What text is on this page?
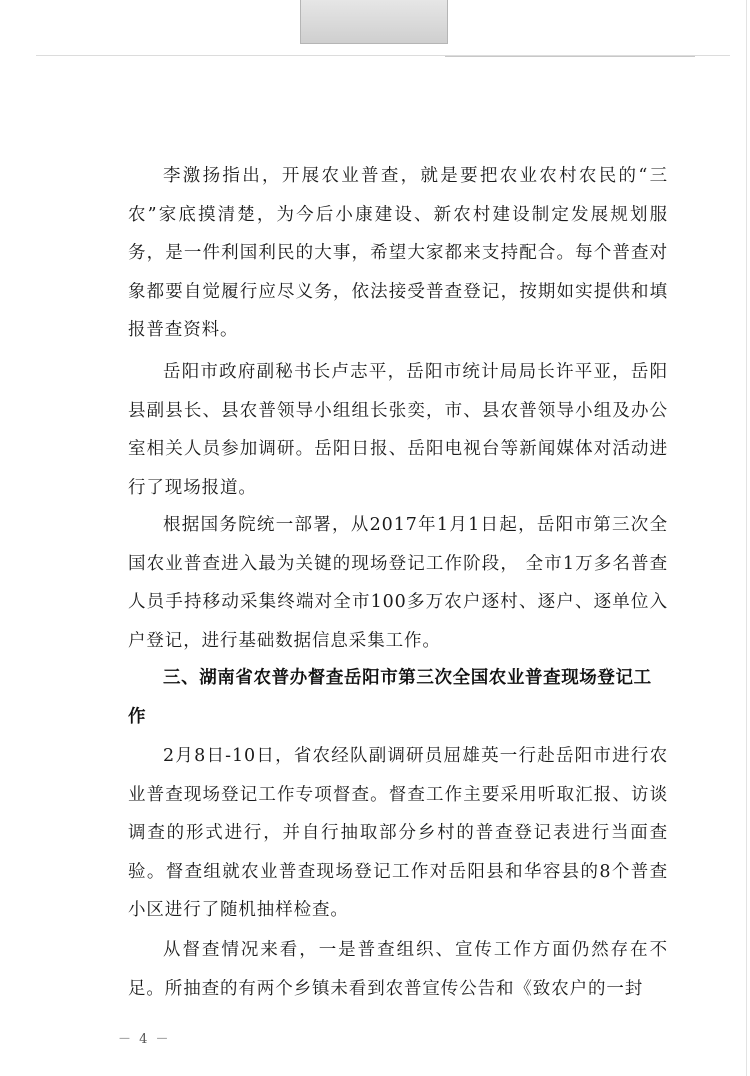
李激扬指出，开展农业普查，就是要把农业农村农民的“三农”家底摸清楚，为今后小康建设、新农村建设制定发展规划服务，是一件利国利民的大事，希望大家都来支持配合。每个普查对象都要自觉履行应尽义务，依法接受普查登记，按期如实提供和填报普查资料。

岳阳市政府副秘书长卢志平，岳阳市统计局局长许平亚，岳阳县副县长、县农普领导小组组长张奕，市、县农普领导小组及办公室相关人员参加调研。岳阳日报、岳阳电视台等新闻媒体对活动进行了现场报道。

根据国务院统一部署，从2017年1月1日起，岳阳市第三次全国农业普查进入最为关键的现场登记工作阶段， 全市1万多名普查人员手持移动采集终端对全市100多万农户逐村、逐户、逐单位入户登记，进行基础数据信息采集工作。

三、湖南省农普办督查岳阳市第三次全国农业普查现场登记工作

2月8日-10日，省农经队副调研员屈雄英一行赴岳阳市进行农业普查现场登记工作专项督查。督查工作主要采用听取汇报、访谈调查的形式进行，并自行抽取部分乡村的普查登记表进行当面查验。督查组就农业普查现场登记工作对岳阳县和华容县的8个普查小区进行了随机抽样检查。

从督查情况来看，一是普查组织、宣传工作方面仍然存在不足。所抽查的有两个乡镇未看到农普宣传公告和《致农户的一封

－ 4 －
